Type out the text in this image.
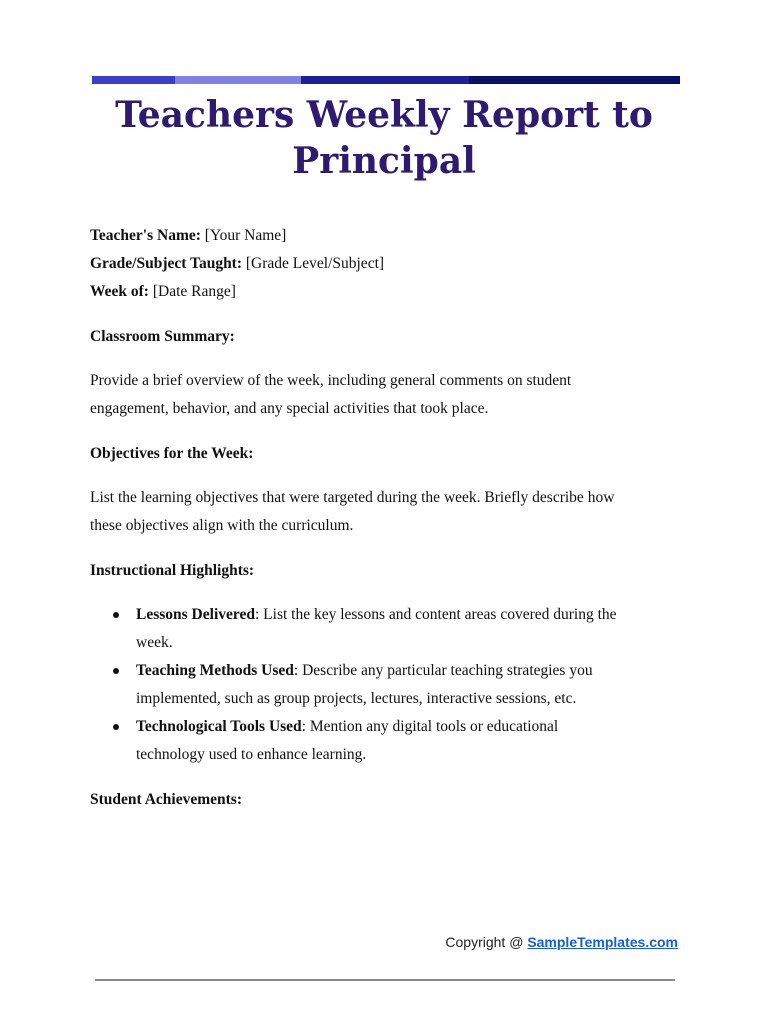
Teachers Weekly Report to Principal
Teacher's Name: [Your Name]
Grade/Subject Taught: [Grade Level/Subject]
Week of: [Date Range]
Classroom Summary:

Provide a brief overview of the week, including general comments on student
engagement, behavior, and any special activities that took place.

Objectives for the Week:

List the learning objectives that were targeted during the week. Briefly describe how
these objectives align with the curriculum.

Instructional Highlights:
Lessons Delivered: List the key lessons and content areas covered during the
week.
Teaching Methods Used: Describe any particular teaching strategies you
implemented, such as group projects, lectures, interactive sessions, etc.
Technological Tools Used: Mention any digital tools or educational
technology used to enhance learning.
Student Achievements:
Copyright @ SampleTemplates.com
